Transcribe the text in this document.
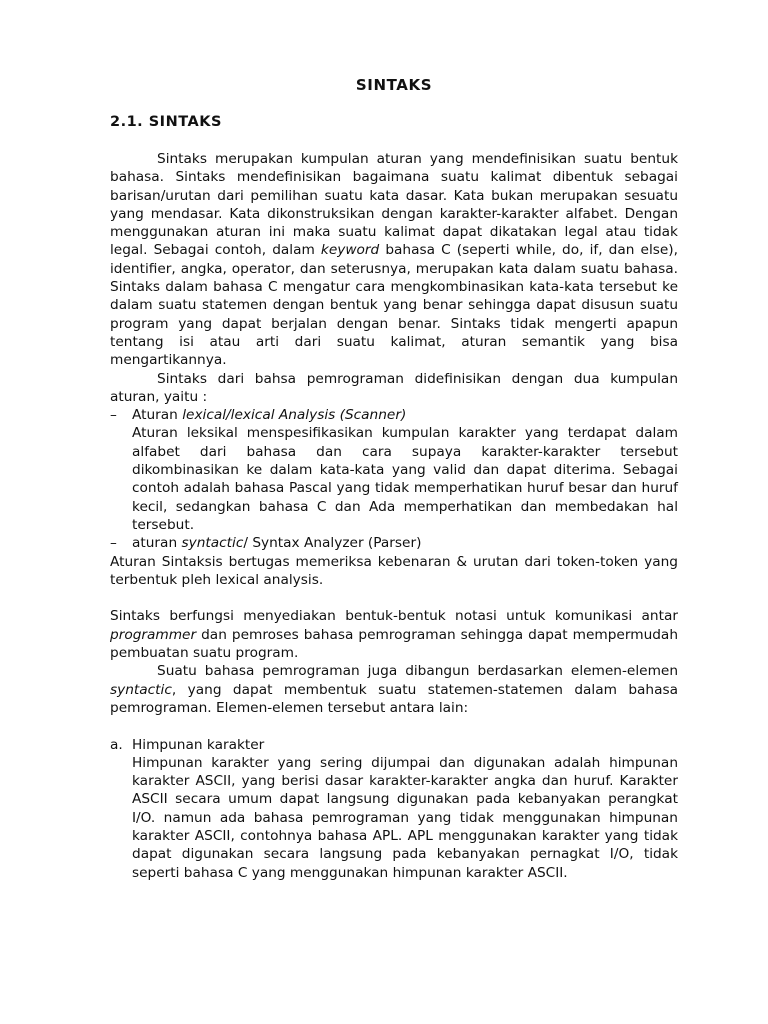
SINTAKS
2.1. SINTAKS

Sintaks merupakan kumpulan aturan yang mendefinisikan suatu bentuk bahasa. Sintaks mendefinisikan bagaimana suatu kalimat dibentuk sebagai barisan/urutan dari pemilihan suatu kata dasar. Kata bukan merupakan sesuatu yang mendasar. Kata dikonstruksikan dengan karakter-karakter alfabet. Dengan menggunakan aturan ini maka suatu kalimat dapat dikatakan legal atau tidak legal. Sebagai contoh, dalam keyword bahasa C (seperti while, do, if, dan else), identifier, angka, operator, dan seterusnya, merupakan kata dalam suatu bahasa. Sintaks dalam bahasa C mengatur cara mengkombinasikan kata-kata tersebut ke dalam suatu statemen dengan bentuk yang benar sehingga dapat disusun suatu program yang dapat berjalan dengan benar. Sintaks tidak mengerti apapun tentang isi atau arti dari suatu kalimat, aturan semantik yang bisa mengartikannya.

Sintaks dari bahsa pemrograman didefinisikan dengan dua kumpulan aturan, yaitu :

– Aturan lexical/lexical Analysis (Scanner)

Aturan leksikal menspesifikasikan kumpulan karakter yang terdapat dalam alfabet dari bahasa dan cara supaya karakter-karakter tersebut dikombinasikan ke dalam kata-kata yang valid dan dapat diterima. Sebagai contoh adalah bahasa Pascal yang tidak memperhatikan huruf besar dan huruf kecil, sedangkan bahasa C dan Ada memperhatikan dan membedakan hal tersebut.

– aturan syntactic/ Syntax Analyzer (Parser)

Aturan Sintaksis bertugas memeriksa kebenaran & urutan dari token-token yang terbentuk pleh lexical analysis.

Sintaks berfungsi menyediakan bentuk-bentuk notasi untuk komunikasi antar programmer dan pemroses bahasa pemrograman sehingga dapat mempermudah pembuatan suatu program.

Suatu bahasa pemrograman juga dibangun berdasarkan elemen-elemen syntactic, yang dapat membentuk suatu statemen-statemen dalam bahasa pemrograman. Elemen-elemen tersebut antara lain:

a. Himpunan karakter

Himpunan karakter yang sering dijumpai dan digunakan adalah himpunan karakter ASCII, yang berisi dasar karakter-karakter angka dan huruf. Karakter ASCII secara umum dapat langsung digunakan pada kebanyakan perangkat I/O. namun ada bahasa pemrograman yang tidak menggunakan himpunan karakter ASCII, contohnya bahasa APL. APL menggunakan karakter yang tidak dapat digunakan secara langsung pada kebanyakan pernagkat I/O, tidak seperti bahasa C yang menggunakan himpunan karakter ASCII.
